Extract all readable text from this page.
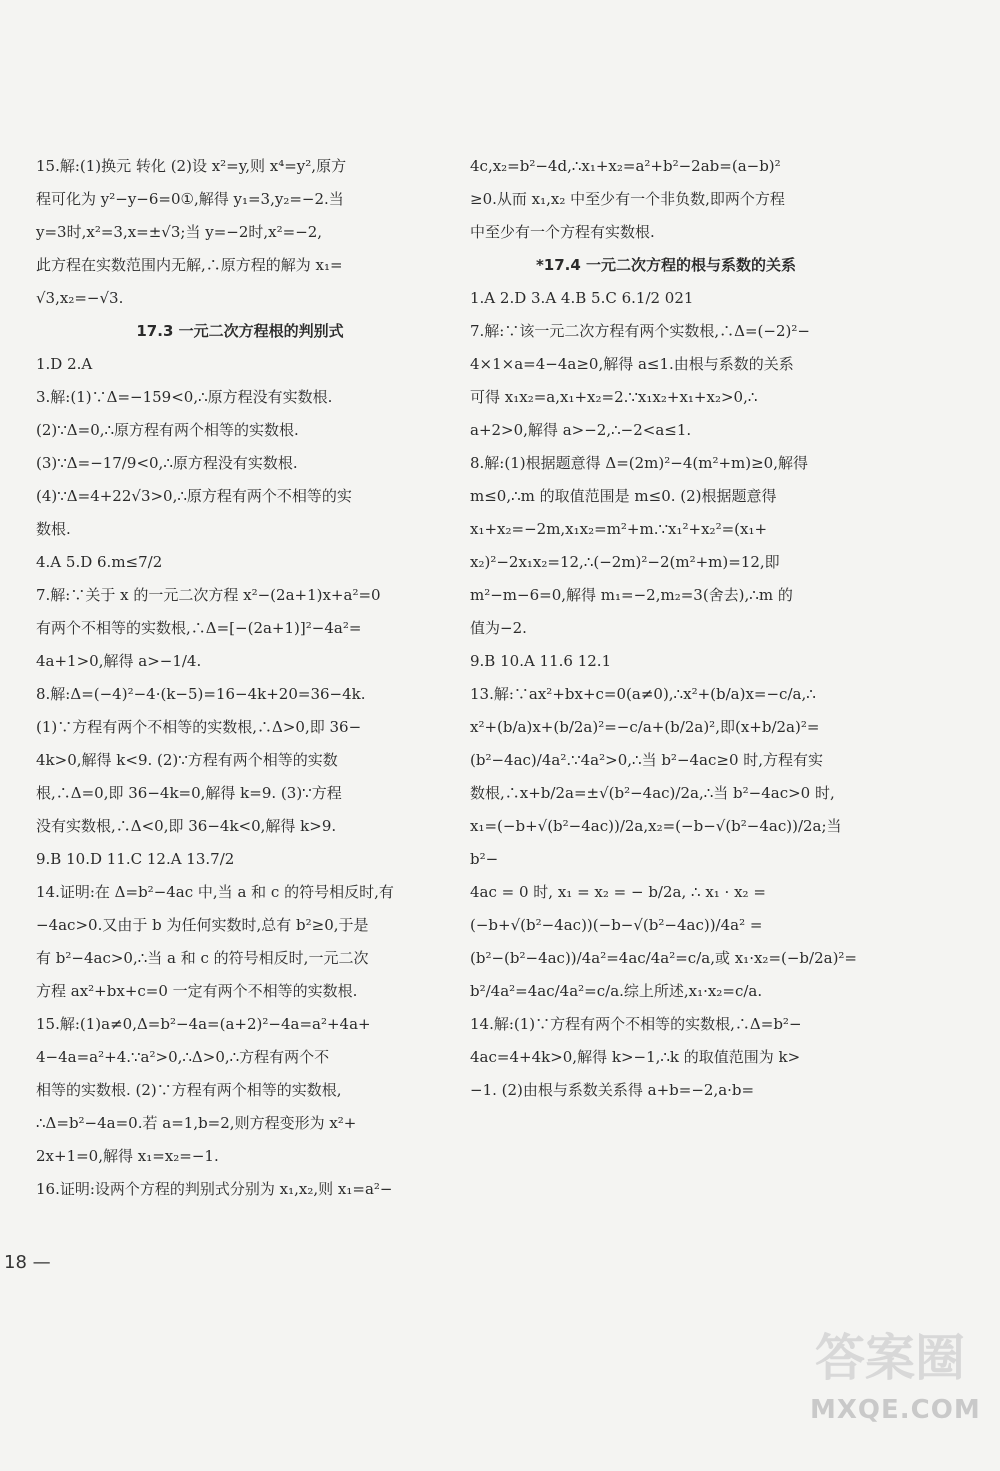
15.解:(1)换元 转化 (2)设 x²=y,则 x⁴=y²,原方

程可化为 y²−y−6=0①,解得 y₁=3,y₂=−2.当

y=3时,x²=3,x=±√3;当 y=−2时,x²=−2,

此方程在实数范围内无解,∴原方程的解为 x₁=

√3,x₂=−√3.

17.3 一元二次方程根的判别式

1.D 2.A

3.解:(1)∵Δ=−159<0,∴原方程没有实数根.

(2)∵Δ=0,∴原方程有两个相等的实数根.

(3)∵Δ=−17/9<0,∴原方程没有实数根.

(4)∵Δ=4+22√3>0,∴原方程有两个不相等的实

数根.

4.A 5.D 6.m≤7/2

7.解:∵关于 x 的一元二次方程 x²−(2a+1)x+a²=0

有两个不相等的实数根,∴Δ=[−(2a+1)]²−4a²=

4a+1>0,解得 a>−1/4.

8.解:Δ=(−4)²−4·(k−5)=16−4k+20=36−4k.

(1)∵方程有两个不相等的实数根,∴Δ>0,即 36−

4k>0,解得 k<9. (2)∵方程有两个相等的实数

根,∴Δ=0,即 36−4k=0,解得 k=9. (3)∵方程

没有实数根,∴Δ<0,即 36−4k<0,解得 k>9.

9.B 10.D 11.C 12.A 13.7/2

14.证明:在 Δ=b²−4ac 中,当 a 和 c 的符号相反时,有

−4ac>0.又由于 b 为任何实数时,总有 b²≥0,于是

有 b²−4ac>0,∴当 a 和 c 的符号相反时,一元二次

方程 ax²+bx+c=0 一定有两个不相等的实数根.

15.解:(1)a≠0,Δ=b²−4a=(a+2)²−4a=a²+4a+

4−4a=a²+4.∵a²>0,∴Δ>0,∴方程有两个不

相等的实数根. (2)∵方程有两个相等的实数根,

∴Δ=b²−4a=0.若 a=1,b=2,则方程变形为 x²+

2x+1=0,解得 x₁=x₂=−1.

16.证明:设两个方程的判别式分别为 x₁,x₂,则 x₁=a²−

4c,x₂=b²−4d,∴x₁+x₂=a²+b²−2ab=(a−b)²

≥0.从而 x₁,x₂ 中至少有一个非负数,即两个方程

中至少有一个方程有实数根.

*17.4 一元二次方程的根与系数的关系

1.A 2.D 3.A 4.B 5.C 6.1/2 021

7.解:∵该一元二次方程有两个实数根,∴Δ=(−2)²−

4×1×a=4−4a≥0,解得 a≤1.由根与系数的关系

可得 x₁x₂=a,x₁+x₂=2.∵x₁x₂+x₁+x₂>0,∴

a+2>0,解得 a>−2,∴−2<a≤1.

8.解:(1)根据题意得 Δ=(2m)²−4(m²+m)≥0,解得

m≤0,∴m 的取值范围是 m≤0. (2)根据题意得

x₁+x₂=−2m,x₁x₂=m²+m.∵x₁²+x₂²=(x₁+

x₂)²−2x₁x₂=12,∴(−2m)²−2(m²+m)=12,即

m²−m−6=0,解得 m₁=−2,m₂=3(舍去),∴m 的

值为−2.

9.B 10.A 11.6 12.1

13.解:∵ax²+bx+c=0(a≠0),∴x²+(b/a)x=−c/a,∴

x²+(b/a)x+(b/2a)²=−c/a+(b/2a)²,即(x+b/2a)²=

(b²−4ac)/4a².∵4a²>0,∴当 b²−4ac≥0 时,方程有实

数根,∴x+b/2a=±√(b²−4ac)/2a,∴当 b²−4ac>0 时,

x₁=(−b+√(b²−4ac))/2a,x₂=(−b−√(b²−4ac))/2a;当 b²−

4ac = 0 时, x₁ = x₂ = − b/2a, ∴ x₁ · x₂ =

(−b+√(b²−4ac))(−b−√(b²−4ac))/4a² =

(b²−(b²−4ac))/4a²=4ac/4a²=c/a,或 x₁·x₂=(−b/2a)²=

b²/4a²=4ac/4a²=c/a.综上所述,x₁·x₂=c/a.

14.解:(1)∵方程有两个不相等的实数根,∴Δ=b²−

4ac=4+4k>0,解得 k>−1,∴k 的取值范围为 k>

−1. (2)由根与系数关系得 a+b=−2,a·b=

18 —
答案圈
MXQE.COM
